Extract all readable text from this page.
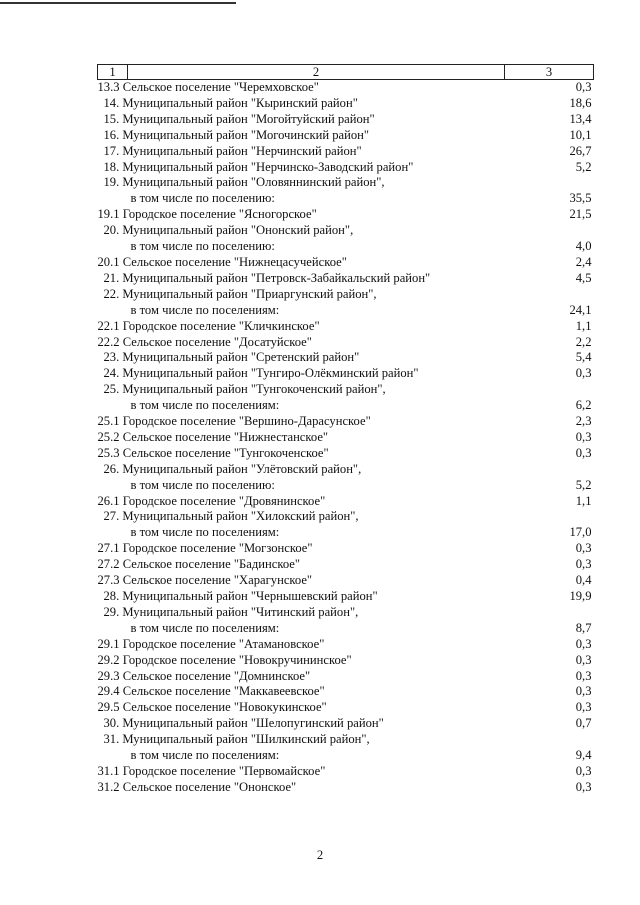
1	2	3

13.3 Сельское поселение "Черемховское"		0,3

14. Муниципальный район "Кыринский район"		18,6

15. Муниципальный район "Могойтуйский район"		13,4

16. Муниципальный район "Могочинский район"		10,1

17. Муниципальный район "Нерчинский район"		26,7

18. Муниципальный район "Нерчинско-Заводский район"		5,2

19. Муниципальный район "Оловяннинский район",
в том числе по поселению:		35,5

19.1 Городское поселение "Ясногорское"		21,5

20. Муниципальный район "Ононский район",
в том числе по поселению:		4,0

20.1 Сельское поселение "Нижнецасучейское"		2,4

21. Муниципальный район "Петровск-Забайкальский район"		4,5

22. Муниципальный район "Приаргунский район",
в том числе по поселениям:		24,1

22.1 Городское поселение "Кличкинское"		1,1

22.2 Сельское поселение "Досатуйское"		2,2

23. Муниципальный район "Сретенский район"		5,4

24. Муниципальный район "Тунгиро-Олёкминский район"		0,3

25. Муниципальный район "Тунгокоченский район",
в том числе по поселениям:		6,2

25.1 Городское поселение "Вершино-Дарасунское"		2,3

25.2 Сельское поселение "Нижнестанское"		0,3

25.3 Сельское поселение "Тунгокоченское"		0,3

26. Муниципальный район "Улётовский район",
в том числе по поселению:		5,2

26.1 Городское поселение "Дровянинское"		1,1

27. Муниципальный район "Хилокский район",
в том числе по поселениям:		17,0

27.1 Городское поселение "Могзонское"		0,3

27.2 Сельское поселение "Бадинское"		0,3

27.3 Сельское поселение "Харагунское"		0,4

28. Муниципальный район "Чернышевский район"		19,9

29. Муниципальный район "Читинский район",
в том числе по поселениям:		8,7

29.1 Городское поселение "Атамановское"		0,3

29.2 Городское поселение "Новокручининское"		0,3

29.3 Сельское поселение "Домнинское"		0,3

29.4 Сельское поселение "Маккавеевское"		0,3

29.5 Сельское поселение "Новокукинское"		0,3

30. Муниципальный район "Шелопугинский район"		0,7

31. Муниципальный район "Шилкинский район",
в том числе по поселениям:		9,4

31.1 Городское поселение "Первомайское"		0,3

31.2 Сельское поселение "Ононское"		0,3
2
